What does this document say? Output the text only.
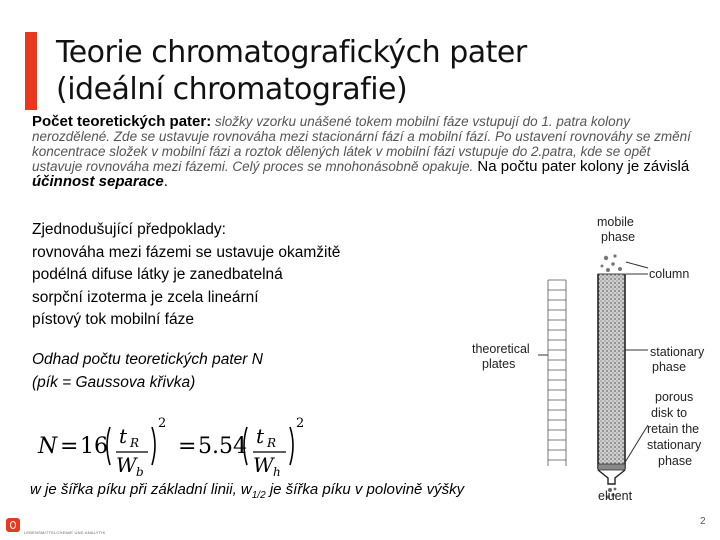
Teorie chromatografických pater
(ideální chromatografie)
Počet teoretických pater: složky vzorku unášené tokem mobilní fáze vstupují do 1. patra kolony nerozdělené. Zde se ustavuje rovnováha mezi stacionární fází a mobilní fází. Po ustavení rovnováhy se změní koncentrace složek v mobilní fázi a roztok dělených látek v mobilní fázi vstupuje do 2.patra, kde se opět ustavuje rovnováha mezi fázemi. Celý proces se mnohonásobně opakuje. Na počtu pater kolony je závislá účinnost separace.
Zjednodušující předpoklady:
rovnováha mezi fázemi se ustavuje okamžitě
podélná difuse látky je zanedbatelná
sorpční izoterma je zcela lineární
pístový tok mobilní fáze
Odhad počtu teoretických pater N
(pík = Gaussova křivka)
N = 16 t R
W b
2
= 5.54 t R
W h
2
w je šířka píku při základní linii, $w_{1/2}$ je šířka píku v polovině výšky
mobile
phase
column
theoretical
plates
stationary
phase
porous
disk to
retain the
stationary
phase
eluent
LEBENSMITTELCHEMIE UND ANALYTIK
2
